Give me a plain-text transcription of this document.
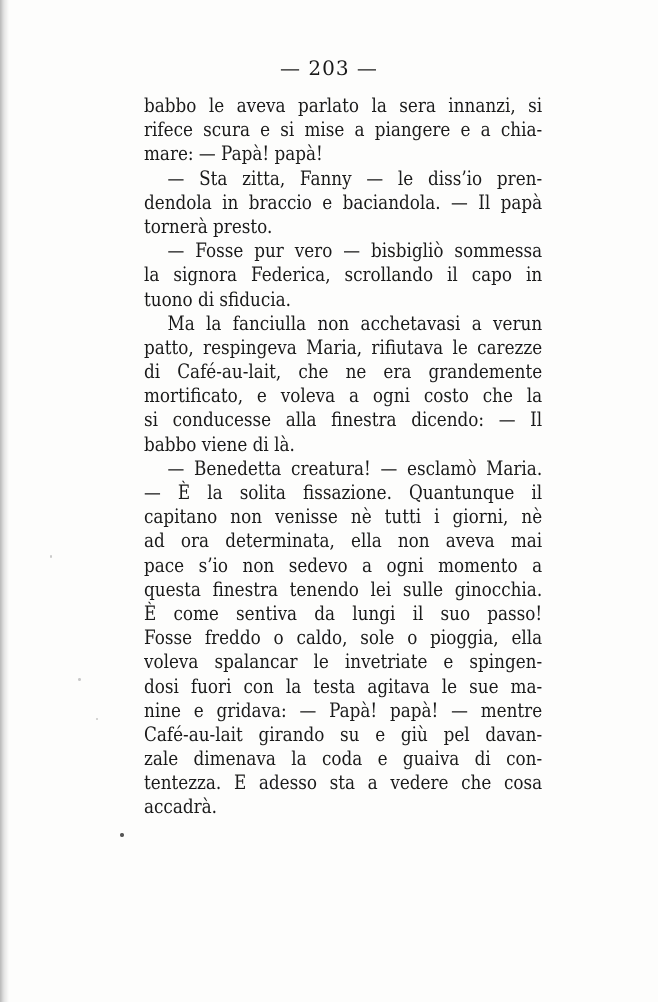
— 203 —
babbo le aveva parlato la sera innanzi, si
rifece scura e si mise a piangere e a chia-
mare: — Papà! papà!
— Sta zitta, Fanny — le diss’io pren-
dendola in braccio e baciandola. — Il papà
tornerà presto.
— Fosse pur vero — bisbigliò sommessa
la signora Federica, scrollando il capo in
tuono di sfiducia.
Ma la fanciulla non acchetavasi a verun
patto, respingeva Maria, rifiutava le carezze
di Café-au-lait, che ne era grandemente
mortificato, e voleva a ogni costo che la
si conducesse alla finestra dicendo: — Il
babbo viene di là.
— Benedetta creatura! — esclamò Maria.
— È la solita fissazione. Quantunque il
capitano non venisse nè tutti i giorni, nè
ad ora determinata, ella non aveva mai
pace s’io non sedevo a ogni momento a
questa finestra tenendo lei sulle ginocchia.
È come sentiva da lungi il suo passo!
Fosse freddo o caldo, sole o pioggia, ella
voleva spalancar le invetriate e spingen-
dosi fuori con la testa agitava le sue ma-
nine e gridava: — Papà! papà! — mentre
Café-au-lait girando su e giù pel davan-
zale dimenava la coda e guaiva di con-
tentezza. E adesso sta a vedere che cosa
accadrà.
